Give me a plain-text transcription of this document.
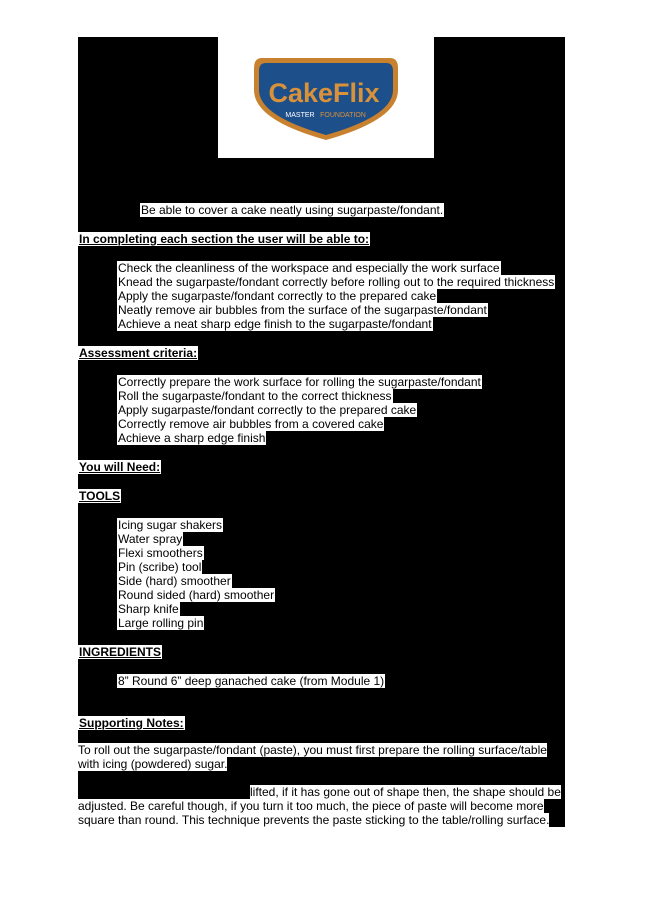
CakeFlix
MASTER FOUNDATION
Be able to cover a cake neatly using sugarpaste/fondant.
In completing each section the user will be able to:
Check the cleanliness of the workspace and especially the work surface
Knead the sugarpaste/fondant correctly before rolling out to the required thickness
Apply the sugarpaste/fondant correctly to the prepared cake
Neatly remove air bubbles from the surface of the sugarpaste/fondant
Achieve a neat sharp edge finish to the sugarpaste/fondant
Assessment criteria:
Correctly prepare the work surface for rolling the sugarpaste/fondant
Roll the sugarpaste/fondant to the correct thickness
Apply sugarpaste/fondant correctly to the prepared cake
Correctly remove air bubbles from a covered cake
Achieve a sharp edge finish
You will Need:
TOOLS
Icing sugar shakers
Water spray
Flexi smoothers
Pin (scribe) tool
Side (hard) smoother
Round sided (hard) smoother
Sharp knife
Large rolling pin
INGREDIENTS
8” Round 6” deep ganached cake (from Module 1)
Supporting Notes:
To roll out the sugarpaste/fondant (paste), you must first prepare the rolling surface/table
with icing (powdered) sugar.
lifted, if it has gone out of shape then, the shape should be
adjusted. Be careful though, if you turn it too much, the piece of paste will become more
square than round. This technique prevents the paste sticking to the table/rolling surface.
